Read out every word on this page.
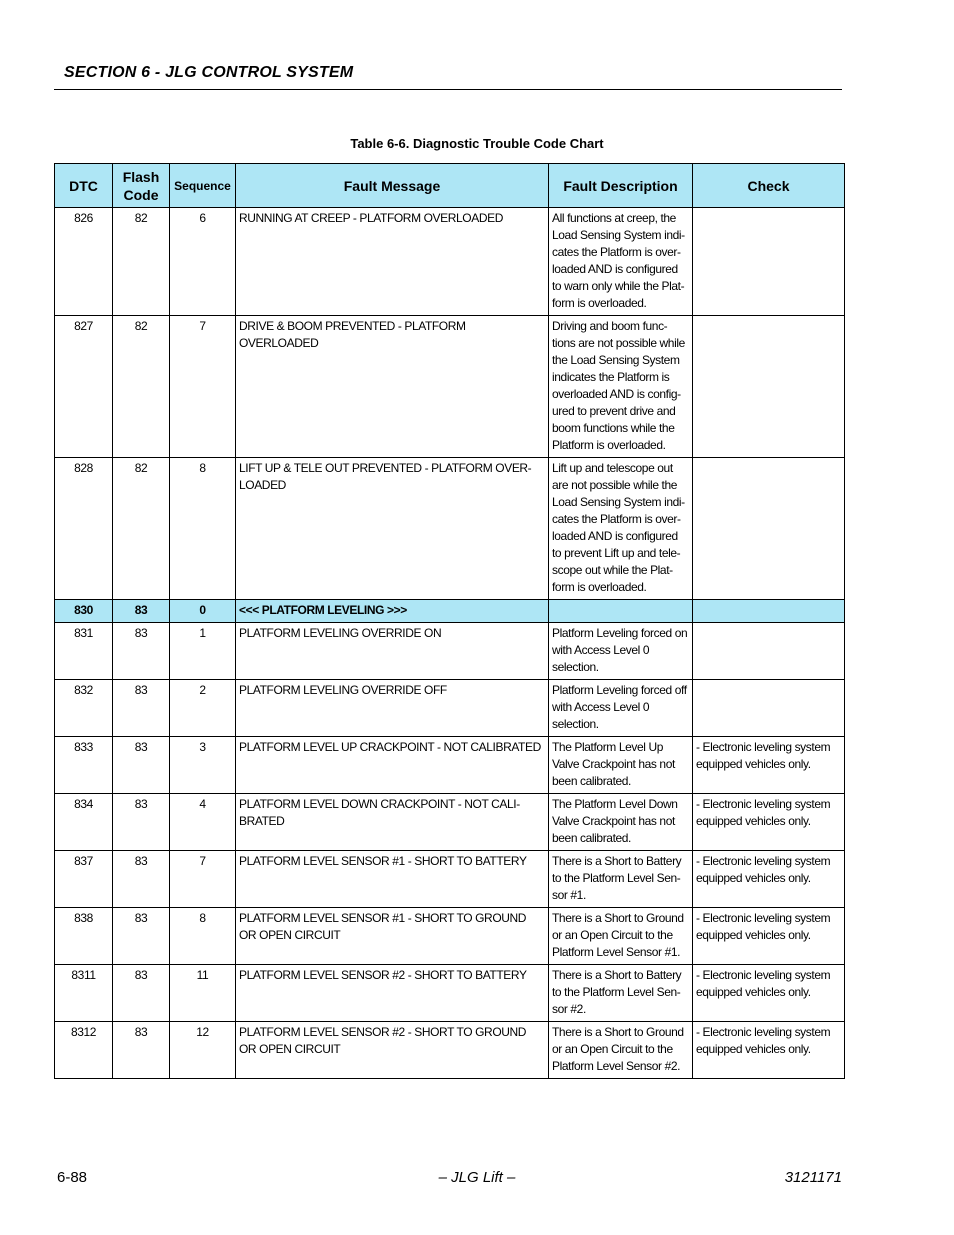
SECTION 6 - JLG CONTROL SYSTEM
Table 6-6. Diagnostic Trouble Code Chart
DTC	Flash Code	Sequence	Fault Message	Fault Description	Check
826	82	6	RUNNING AT CREEP - PLATFORM OVERLOADED	All functions at creep, the Load Sensing System indi-cates the Platform is over-loaded AND is configured to warn only while the Plat-form is overloaded.	
827	82	7	DRIVE & BOOM PREVENTED - PLATFORM OVERLOADED	Driving and boom func-tions are not possible while the Load Sensing System indicates the Platform is overloaded AND is config-ured to prevent drive and boom functions while the Platform is overloaded.	
828	82	8	LIFT UP & TELE OUT PREVENTED - PLATFORM OVER-LOADED	Lift up and telescope out are not possible while the Load Sensing System indi-cates the Platform is over-loaded AND is configured to prevent Lift up and tele-scope out while the Plat-form is overloaded.	
830	83	0	<<< PLATFORM LEVELING >>>		
831	83	1	PLATFORM LEVELING OVERRIDE ON	Platform Leveling forced on with Access Level 0 selection.	
832	83	2	PLATFORM LEVELING OVERRIDE OFF	Platform Leveling forced off with Access Level 0 selection.	
833	83	3	PLATFORM LEVEL UP CRACKPOINT - NOT CALIBRATED	The Platform Level Up Valve Crackpoint has not been calibrated.	- Electronic leveling system equipped vehicles only.
834	83	4	PLATFORM LEVEL DOWN CRACKPOINT - NOT CALI-BRATED	The Platform Level Down Valve Crackpoint has not been calibrated.	- Electronic leveling system equipped vehicles only.
837	83	7	PLATFORM LEVEL SENSOR #1 - SHORT TO BATTERY	There is a Short to Battery to the Platform Level Sen-sor #1.	- Electronic leveling system equipped vehicles only.
838	83	8	PLATFORM LEVEL SENSOR #1 - SHORT TO GROUND OR OPEN CIRCUIT	There is a Short to Ground or an Open Circuit to the Platform Level Sensor #1.	- Electronic leveling system equipped vehicles only.
8311	83	11	PLATFORM LEVEL SENSOR #2 - SHORT TO BATTERY	There is a Short to Battery to the Platform Level Sen-sor #2.	- Electronic leveling system equipped vehicles only.
8312	83	12	PLATFORM LEVEL SENSOR #2 - SHORT TO GROUND OR OPEN CIRCUIT	There is a Short to Ground or an Open Circuit to the Platform Level Sensor #2.	- Electronic leveling system equipped vehicles only.
6-88	– JLG Lift –	3121171
